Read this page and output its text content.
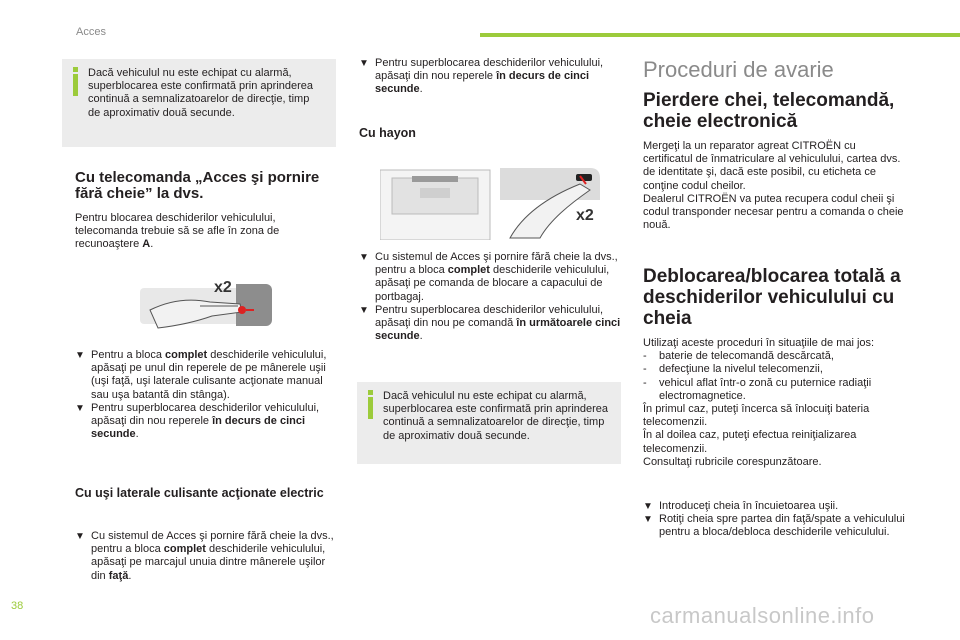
Acces
Dacă vehiculul nu este echipat cu alarmă, superblocarea este confirmată prin aprinderea continuă a semnalizatoarelor de direcţie, timp de aproximativ două secunde.
Cu telecomanda „Acces şi pornire fără cheie” la dvs.
Pentru blocarea deschiderilor vehiculului, telecomanda trebuie să se afle în zona de recunoaştere A.
x2
▼ Pentru a bloca complet deschiderile vehiculului, apăsaţi pe unul din reperele de pe mânerele uşii (uşi faţă, uşi laterale culisante acţionate manual sau uşa batantă din stânga).
▼ Pentru superblocarea deschiderilor vehiculului, apăsaţi din nou reperele în decurs de cinci secunde.
Cu uşi laterale culisante acţionate electric
▼ Cu sistemul de Acces şi pornire fără cheie la dvs., pentru a bloca complet deschiderile vehiculului, apăsaţi pe marcajul unuia dintre mânerele uşilor din faţă.
▼ Pentru superblocarea deschiderilor vehiculului, apăsaţi din nou reperele în decurs de cinci secunde.
Cu hayon
x2
▼ Cu sistemul de Acces şi pornire fără cheie la dvs., pentru a bloca complet deschiderile vehiculului, apăsaţi pe comanda de blocare a capacului de portbagaj.
▼ Pentru superblocarea deschiderilor vehiculului, apăsaţi din nou pe comandă în următoarele cinci secunde.
Dacă vehiculul nu este echipat cu alarmă, superblocarea este confirmată prin aprinderea continuă a semnalizatoarelor de direcţie, timp de aproximativ două secunde.
Proceduri de avarie
Pierdere chei, telecomandă, cheie electronică
Mergeţi la un reparator agreat CITROËN cu certificatul de înmatriculare al vehiculului, cartea dvs. de identitate şi, dacă este posibil, cu eticheta ce conţine codul cheilor.
Dealerul CITROËN va putea recupera codul cheii şi codul transponder necesar pentru a comanda o cheie nouă.
Deblocarea/blocarea totală a deschiderilor vehiculului cu cheia
Utilizaţi aceste proceduri în situaţiile de mai jos:
- baterie de telecomandă descărcată,
- defecţiune la nivelul telecomenzii,
- vehicul aflat într-o zonă cu puternice radiaţii electromagnetice.
În primul caz, puteţi încerca să înlocuiţi bateria telecomenzii.
În al doilea caz, puteţi efectua reiniţializarea telecomenzii.
Consultaţi rubricile corespunzătoare.
▼ Introduceţi cheia în încuietoarea uşii.
▼ Rotiţi cheia spre partea din faţă/spate a vehiculului pentru a bloca/debloca deschiderile vehiculului.
38	carmanualsonline.info
